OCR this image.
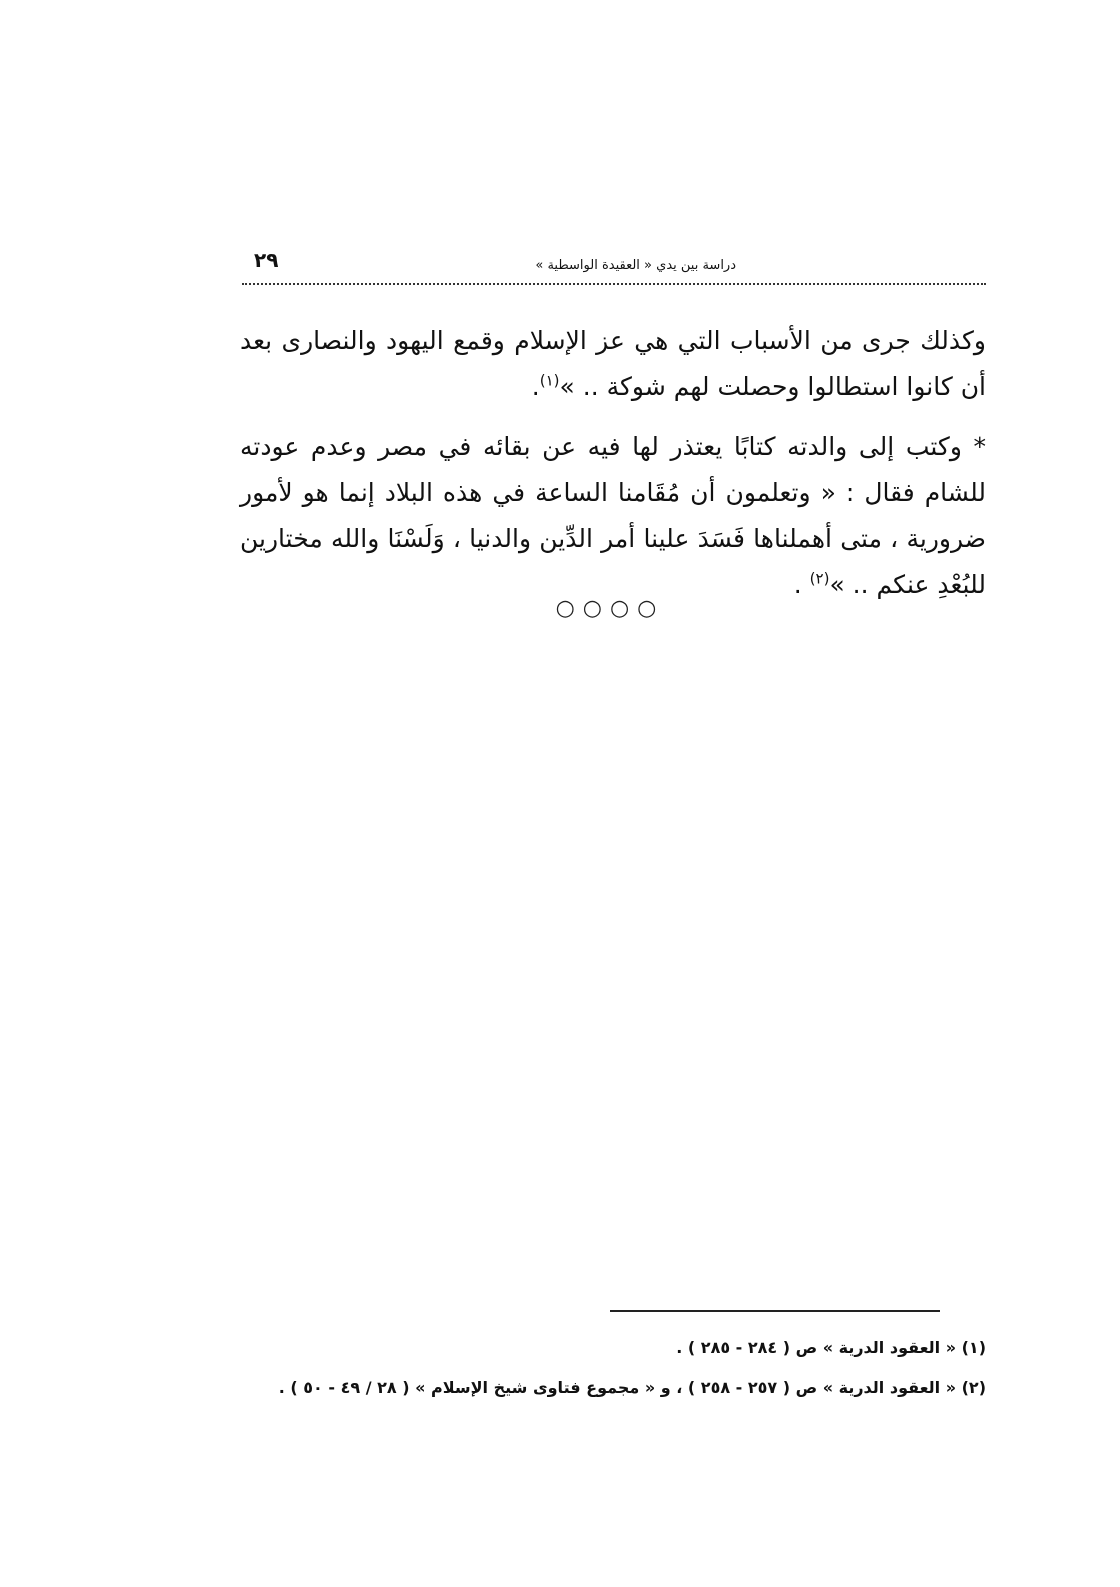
٢٩	دراسة بين يدي « العقيدة الواسطية »

وكذلك جرى من الأسباب التي هي عز الإسلام وقمع اليهود والنصارى بعد أن كانوا استطالوا وحصلت لهم شوكة .. »$^{(١)}$.

* وكتب إلى والدته كتابًا يعتذر لها فيه عن بقائه في مصر وعدم عودته للشام فقال : « وتعلمون أن مُقَامنا الساعة في هذه البلاد إنما هو لأمور ضرورية ، متى أهملناها فَسَدَ علينا أمر الدِّين والدنيا ، وَلَسْنَا والله مختارين للبُعْدِ عنكم .. »$^{(٢)}$ .

○○○○
(١) « العقود الدرية » ص ( ٢٨٤ - ٢٨٥ ) .
(٢) « العقود الدرية » ص ( ٢٥٧ - ٢٥٨ ) ، و « مجموع فتاوى شيخ الإسلام » ( ٢٨ / ٤٩ - ٥٠ ) .
